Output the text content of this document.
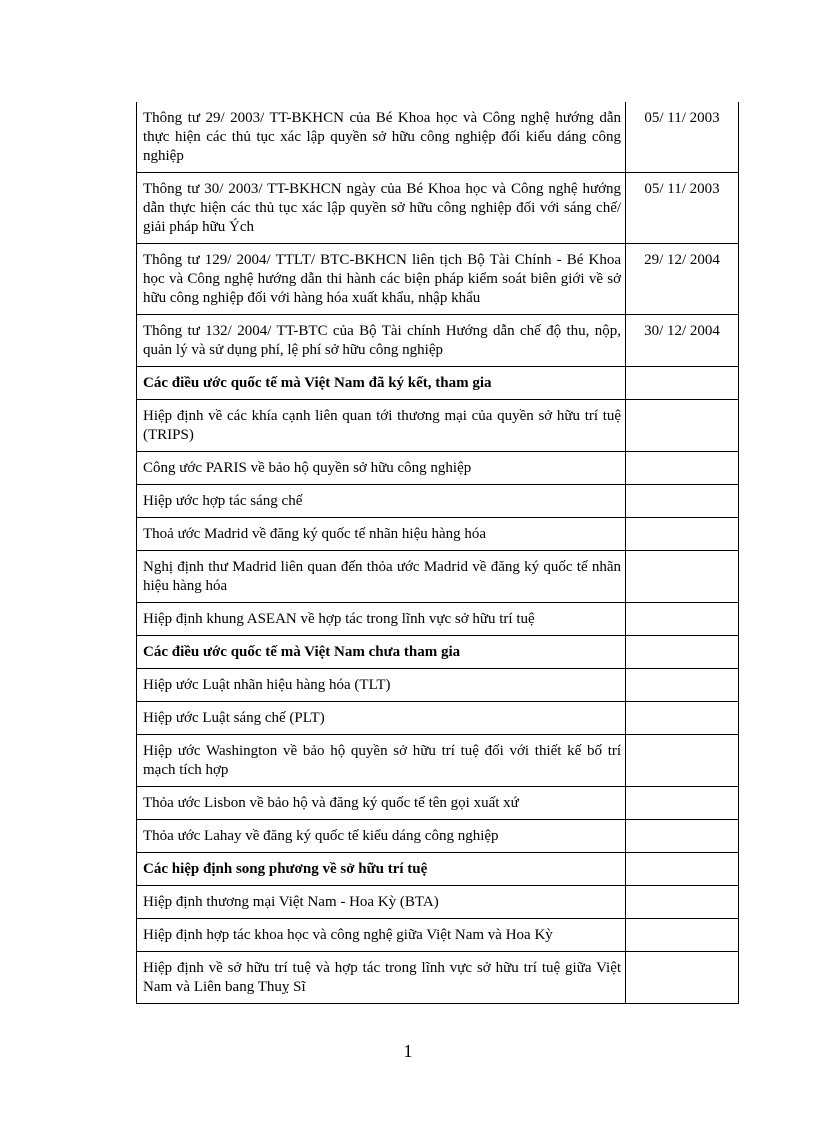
Thông tư 29/ 2003/ TT-BKHCN của Bé Khoa học và Công nghệ hướng dẫn thực hiện các thủ tục xác lập quyền sở hữu công nghiệp đối kiểu dáng công nghiệp	05/ 11/ 2003
Thông tư 30/ 2003/ TT-BKHCN ngày của Bé Khoa học và Công nghệ hướng dẫn thực hiện các thủ tục xác lập quyền sở hữu công nghiệp đối với sáng chế/ giải pháp hữu Ých	05/ 11/ 2003
Thông tư 129/ 2004/ TTLT/ BTC-BKHCN liên tịch Bộ Tài Chính - Bé Khoa học và Công nghệ hướng dẫn thi hành các biện pháp kiểm soát biên giới về sở hữu công nghiệp đối với hàng hóa xuất khẩu, nhập khẩu	29/ 12/ 2004
Thông tư 132/ 2004/ TT-BTC của Bộ Tài chính Hướng dẫn chế độ thu, nộp, quản lý và sử dụng phí, lệ phí sở hữu công nghiệp	30/ 12/ 2004
Các điều ước quốc tế mà Việt Nam đã ký kết, tham gia	
Hiệp định về các khía cạnh liên quan tới thương mại của quyền sở hữu trí tuệ (TRIPS)	
Công ước PARIS về bảo hộ quyền sở hữu công nghiệp	
Hiệp ước hợp tác sáng chế	
Thoả ước Madrid về đăng ký quốc tế nhãn hiệu hàng hóa	
Nghị định thư Madrid liên quan đến thỏa ước Madrid về đăng ký quốc tế nhãn hiệu hàng hóa	
Hiệp định khung ASEAN về hợp tác trong lĩnh vực sở hữu trí tuệ	
Các điều ước quốc tế mà Việt Nam chưa tham gia	
Hiệp ước Luật nhãn hiệu hàng hóa (TLT)	
Hiệp ước Luật sáng chế (PLT)	
Hiệp ước Washington về bảo hộ quyền sở hữu trí tuệ đối với thiết kế bố trí mạch tích hợp	
Thỏa ước Lisbon về bảo hộ và đăng ký quốc tế tên gọi xuất xứ	
Thỏa ước Lahay về đăng ký quốc tế kiểu dáng công nghiệp	
Các hiệp định song phương về sở hữu trí tuệ	
Hiệp định thương mại Việt Nam - Hoa Kỳ (BTA)	
Hiệp định hợp tác khoa học và công nghệ giữa Việt Nam và Hoa Kỳ	
Hiệp định về sở hữu trí tuệ và hợp tác trong lĩnh vực sở hữu trí tuệ giữa Việt Nam và Liên bang Thuỵ Sĩ	
1
